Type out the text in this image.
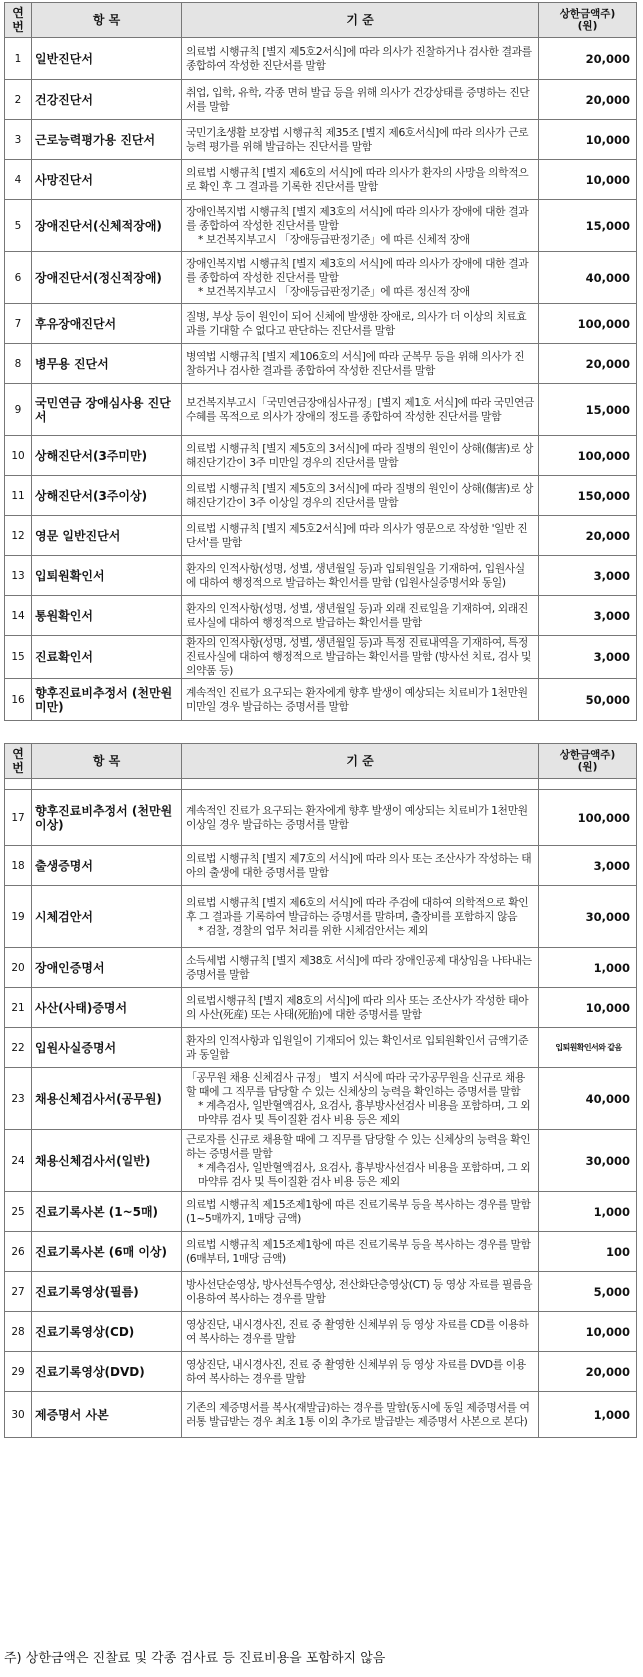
연
번	항 목	기 준	상한금액주)
(원)
1	일반진단서	의료법 시행규칙 [별지 제5호2서식]에 따라 의사가 진찰하거나 검사한 결과를 종합하여 작성한 진단서를 말함	20,000
2	건강진단서	취업, 입학, 유학, 각종 면허 발급 등을 위해 의사가 건강상태를 증명하는 진단서를 말함	20,000
3	근로능력평가용 진단서	국민기초생활 보장법 시행규칙 제35조 [별지 제6호서식]에 따라 의사가 근로능력 평가를 위해 발급하는 진단서를 말함	10,000
4	사망진단서	의료법 시행규칙 [별지 제6호의 서식]에 따라 의사가 환자의 사망을 의학적으로 확인 후 그 결과를 기록한 진단서를 말함	10,000
5	장애진단서(신체적장애)	장애인복지법 시행규칙 [별지 제3호의 서식]에 따라 의사가 장애에 대한 결과를 종합하여 작성한 진단서를 말함
* 보건복지부고시 「장애등급판정기준」에 따른 신체적 장애	15,000
6	장애진단서(정신적장애)	장애인복지법 시행규칙 [별지 제3호의 서식]에 따라 의사가 장애에 대한 결과를 종합하여 작성한 진단서를 말함
* 보건복지부고시 「장애등급판정기준」에 따른 정신적 장애	40,000
7	후유장애진단서	질병, 부상 등이 원인이 되어 신체에 발생한 장애로, 의사가 더 이상의 치료효과를 기대할 수 없다고 판단하는 진단서를 말함	100,000
8	병무용 진단서	병역법 시행규칙 [별지 제106호의 서식]에 따라 군복무 등을 위해 의사가 진찰하거나 검사한 결과를 종합하여 작성한 진단서를 말함	20,000
9	국민연금 장애심사용 진단서	보건복지부고시「국민연금장애심사규정」[별지 제1호 서식]에 따라 국민연금수혜를 목적으로 의사가 장애의 정도를 종합하여 작성한 진단서를 말함	15,000
10	상해진단서(3주미만)	의료법 시행규칙 [별지 제5호의 3서식]에 따라 질병의 원인이 상해(傷害)로 상해진단기간이 3주 미만일 경우의 진단서를 말함	100,000
11	상해진단서(3주이상)	의료법 시행규칙 [별지 제5호의 3서식]에 따라 질병의 원인이 상해(傷害)로 상해진단기간이 3주 이상일 경우의 진단서를 말함	150,000
12	영문 일반진단서	의료법 시행규칙 [별지 제5호2서식]에 따라 의사가 영문으로 작성한 '일반 진단서'를 말함	20,000
13	입퇴원확인서	환자의 인적사항(성명, 성별, 생년월일 등)과 입퇴원일을 기재하여, 입원사실에 대하여 행정적으로 발급하는 확인서를 말함 (입원사실증명서와 동일)	3,000
14	통원확인서	환자의 인적사항(성명, 성별, 생년월일 등)과 외래 진료일을 기재하여, 외래진료사실에 대하여 행정적으로 발급하는 확인서를 말함	3,000
15	진료확인서	환자의 인적사항(성명, 성별, 생년월일 등)과 특정 진료내역을 기재하여, 특정 진료사실에 대하여 행정적으로 발급하는 확인서를 말함 (방사선 치료, 검사 및 의약품 등)	3,000
16	향후진료비추정서 (천만원미만)	계속적인 진료가 요구되는 환자에게 향후 발생이 예상되는 치료비가 1천만원 미만일 경우 발급하는 증명서를 말함	50,000
연
번	항 목	기 준	상한금액주)
(원)

17	향후진료비추정서 (천만원이상)	계속적인 진료가 요구되는 환자에게 향후 발생이 예상되는 치료비가 1천만원 이상일 경우 발급하는 증명서를 말함	100,000
18	출생증명서	의료법 시행규칙 [별지 제7호의 서식]에 따라 의사 또는 조산사가 작성하는 태아의 출생에 대한 증명서를 말함	3,000
19	시체검안서	의료법 시행규칙 [별지 제6호의 서식]에 따라 주검에 대하여 의학적으로 확인 후 그 결과를 기록하여 발급하는 증명서를 말하며, 출장비를 포함하지 않음
* 검찰, 경찰의 업무 처리를 위한 시체검안서는 제외	30,000
20	장애인증명서	소득세법 시행규칙 [별지 제38호 서식]에 따라 장애인공제 대상임을 나타내는 증명서를 말함	1,000
21	사산(사태)증명서	의료법시행규칙 [별지 제8호의 서식]에 따라 의사 또는 조산사가 작성한 태아의 사산(死産) 또는 사태(死胎)에 대한 증명서를 말함	10,000
22	입원사실증명서	환자의 인적사항과 입원일이 기재되어 있는 확인서로 입퇴원확인서 금액기준과 동일함	입퇴원확인서와 같음
23	채용신체검사서(공무원)	「공무원 채용 신체검사 규정」 별지 서식에 따라 국가공무원을 신규로 채용할 때에 그 직무를 담당할 수 있는 신체상의 능력을 확인하는 증명서를 말함
* 계측검사, 일반혈액검사, 요검사, 흉부방사선검사 비용을 포함하며, 그 외 마약류 검사 및 특이질환 검사 비용 등은 제외	40,000
24	채용신체검사서(일반)	근로자를 신규로 채용할 때에 그 직무를 담당할 수 있는 신체상의 능력을 확인하는 증명서를 말함
* 계측검사, 일반혈액검사, 요검사, 흉부방사선검사 비용을 포함하며, 그 외 마약류 검사 및 특이질환 검사 비용 등은 제외	30,000
25	진료기록사본 (1~5매)	의료법 시행규칙 제15조제1항에 따른 진료기록부 등을 복사하는 경우를 말함(1~5매까지, 1매당 금액)	1,000
26	진료기록사본 (6매 이상)	의료법 시행규칙 제15조제1항에 따른 진료기록부 등을 복사하는 경우를 말함(6매부터, 1매당 금액)	100
27	진료기록영상(필름)	방사선단순영상, 방사선특수영상, 전산화단층영상(CT) 등 영상 자료를 필름을 이용하여 복사하는 경우를 말함	5,000
28	진료기록영상(CD)	영상진단, 내시경사진, 진료 중 촬영한 신체부위 등 영상 자료를 CD를 이용하여 복사하는 경우를 말함	10,000
29	진료기록영상(DVD)	영상진단, 내시경사진, 진료 중 촬영한 신체부위 등 영상 자료를 DVD를 이용하여 복사하는 경우를 말함	20,000
30	제증명서 사본	기존의 제증명서를 복사(재발급)하는 경우를 말함(동시에 동일 제증명서를 여러통 발급받는 경우 최초 1통 이외 추가로 발급받는 제증명서 사본으로 본다)	1,000
주) 상한금액은 진찰료 및 각종 검사료 등 진료비용을 포함하지 않음
